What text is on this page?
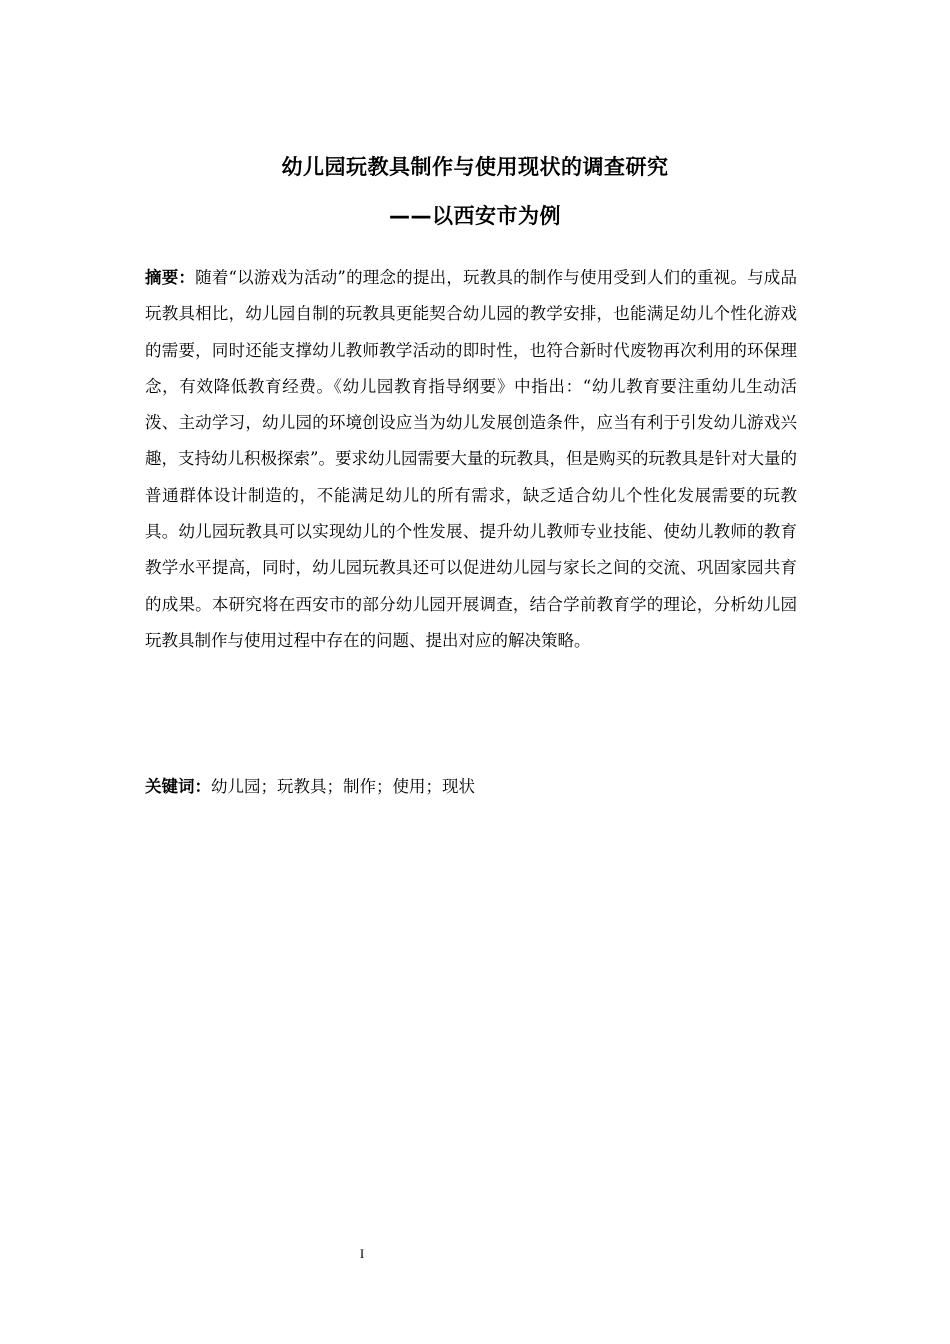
幼儿园玩教具制作与使用现状的调查研究
——以西安市为例

摘要：随着“以游戏为活动”的理念的提出，玩教具的制作与使用受到人们的重视。与成品玩教具相比，幼儿园自制的玩教具更能契合幼儿园的教学安排，也能满足幼儿个性化游戏的需要，同时还能支撑幼儿教师教学活动的即时性，也符合新时代废物再次利用的环保理念，有效降低教育经费。《幼儿园教育指导纲要》中指出：“幼儿教育要注重幼儿生动活泼、主动学习，幼儿园的环境创设应当为幼儿发展创造条件，应当有利于引发幼儿游戏兴趣，支持幼儿积极探索”。要求幼儿园需要大量的玩教具，但是购买的玩教具是针对大量的普通群体设计制造的，不能满足幼儿的所有需求，缺乏适合幼儿个性化发展需要的玩教具。幼儿园玩教具可以实现幼儿的个性发展、提升幼儿教师专业技能、使幼儿教师的教育教学水平提高，同时，幼儿园玩教具还可以促进幼儿园与家长之间的交流、巩固家园共育的成果。本研究将在西安市的部分幼儿园开展调查，结合学前教育学的理论，分析幼儿园玩教具制作与使用过程中存在的问题、提出对应的解决策略。

关键词：幼儿园；玩教具；制作；使用；现状

I
